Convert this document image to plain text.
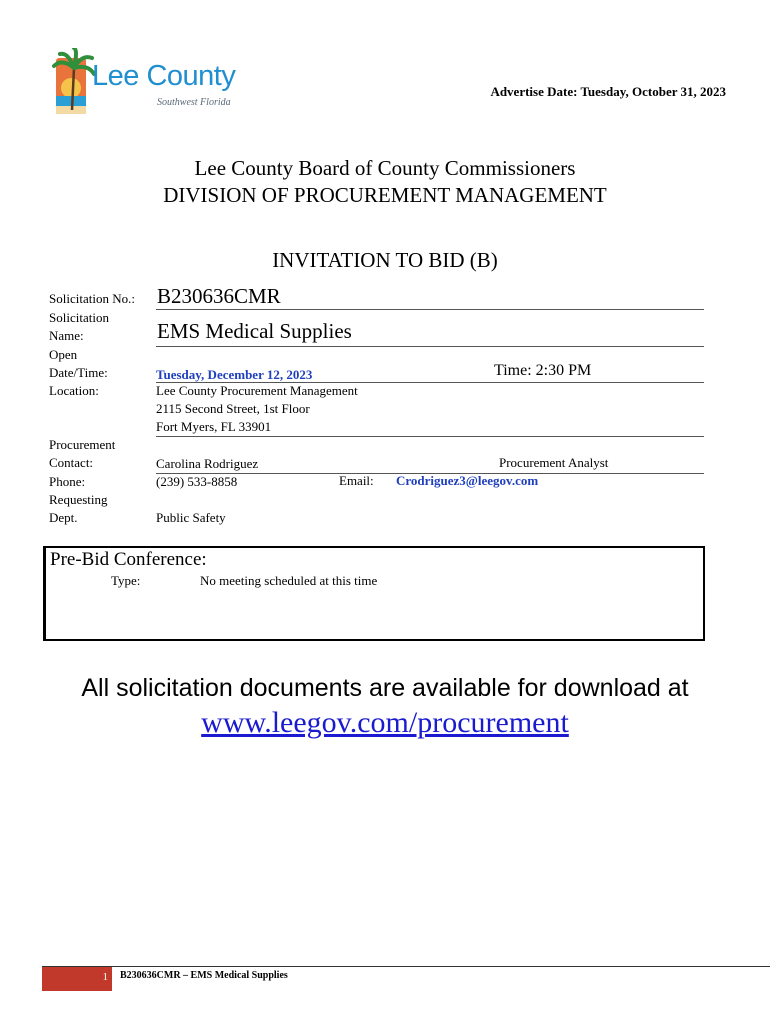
Lee County
Southwest Florida
Advertise Date: Tuesday, October 31, 2023
Lee County Board of County Commissioners
DIVISION OF PROCUREMENT MANAGEMENT
INVITATION TO BID (B)
Solicitation No.: B230636CMR
Solicitation
Name:	EMS Medical Supplies
Open
Date/Time:	Tuesday, December 12, 2023	Time: 2:30 PM
Location:	Lee County Procurement Management
2115 Second Street, 1st Floor
Fort Myers, FL 33901
Procurement
Contact:	Carolina Rodriguez	Procurement Analyst
Phone:	(239) 533-8858	Email: Crodriguez3@leegov.com
Requesting
Dept.	Public Safety
Pre-Bid Conference:
Type:	No meeting scheduled at this time
All solicitation documents are available for download at
www.leegov.com/procurement
1 B230636CMR – EMS Medical Supplies
